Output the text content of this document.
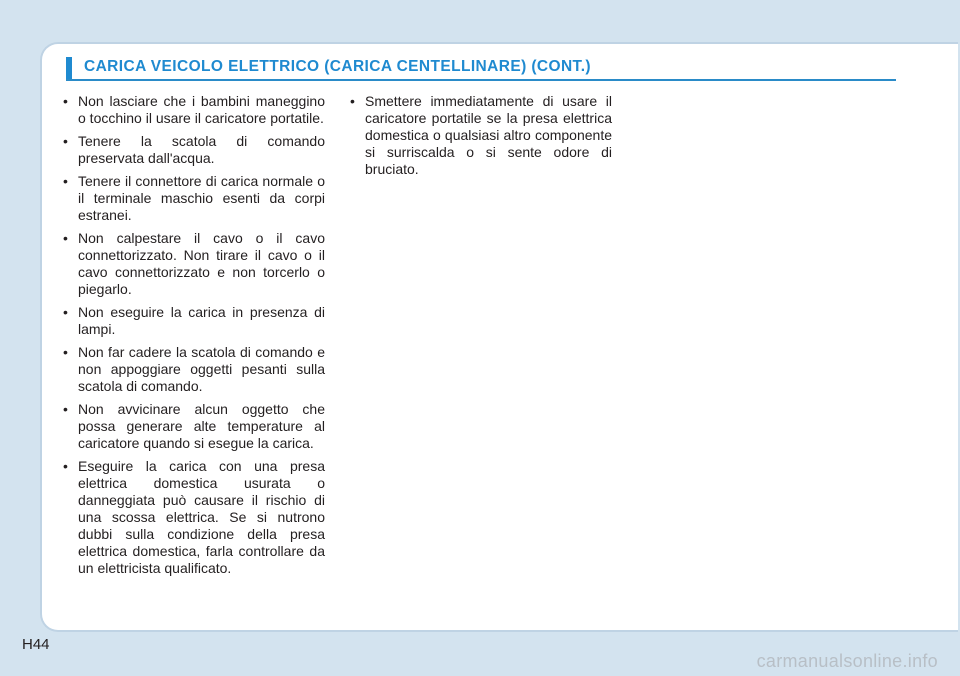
CARICA VEICOLO ELETTRICO (CARICA CENTELLINARE) (CONT.)
• Non lasciare che i bambini maneggino o tocchino il usare il caricatore portatile.
• Tenere la scatola di comando preservata dall'acqua.
• Tenere il connettore di carica normale o il terminale maschio esenti da corpi estranei.
• Non calpestare il cavo o il cavo connettorizzato. Non tirare il cavo o il cavo connettorizzato e non torcerlo o piegarlo.
• Non eseguire la carica in presenza di lampi.
• Non far cadere la scatola di comando e non appoggiare oggetti pesanti sulla scatola di comando.
• Non avvicinare alcun oggetto che possa generare alte temperature al caricatore quando si esegue la carica.
• Eseguire la carica con una presa elettrica domestica usurata o danneggiata può causare il rischio di una scossa elettrica. Se si nutrono dubbi sulla condizione della presa elettrica domestica, farla controllare da un elettricista qualificato.
• Smettere immediatamente di usare il caricatore portatile se la presa elettrica domestica o qualsiasi altro componente si surriscalda o si sente odore di bruciato.
H44
carmanualsonline.info
